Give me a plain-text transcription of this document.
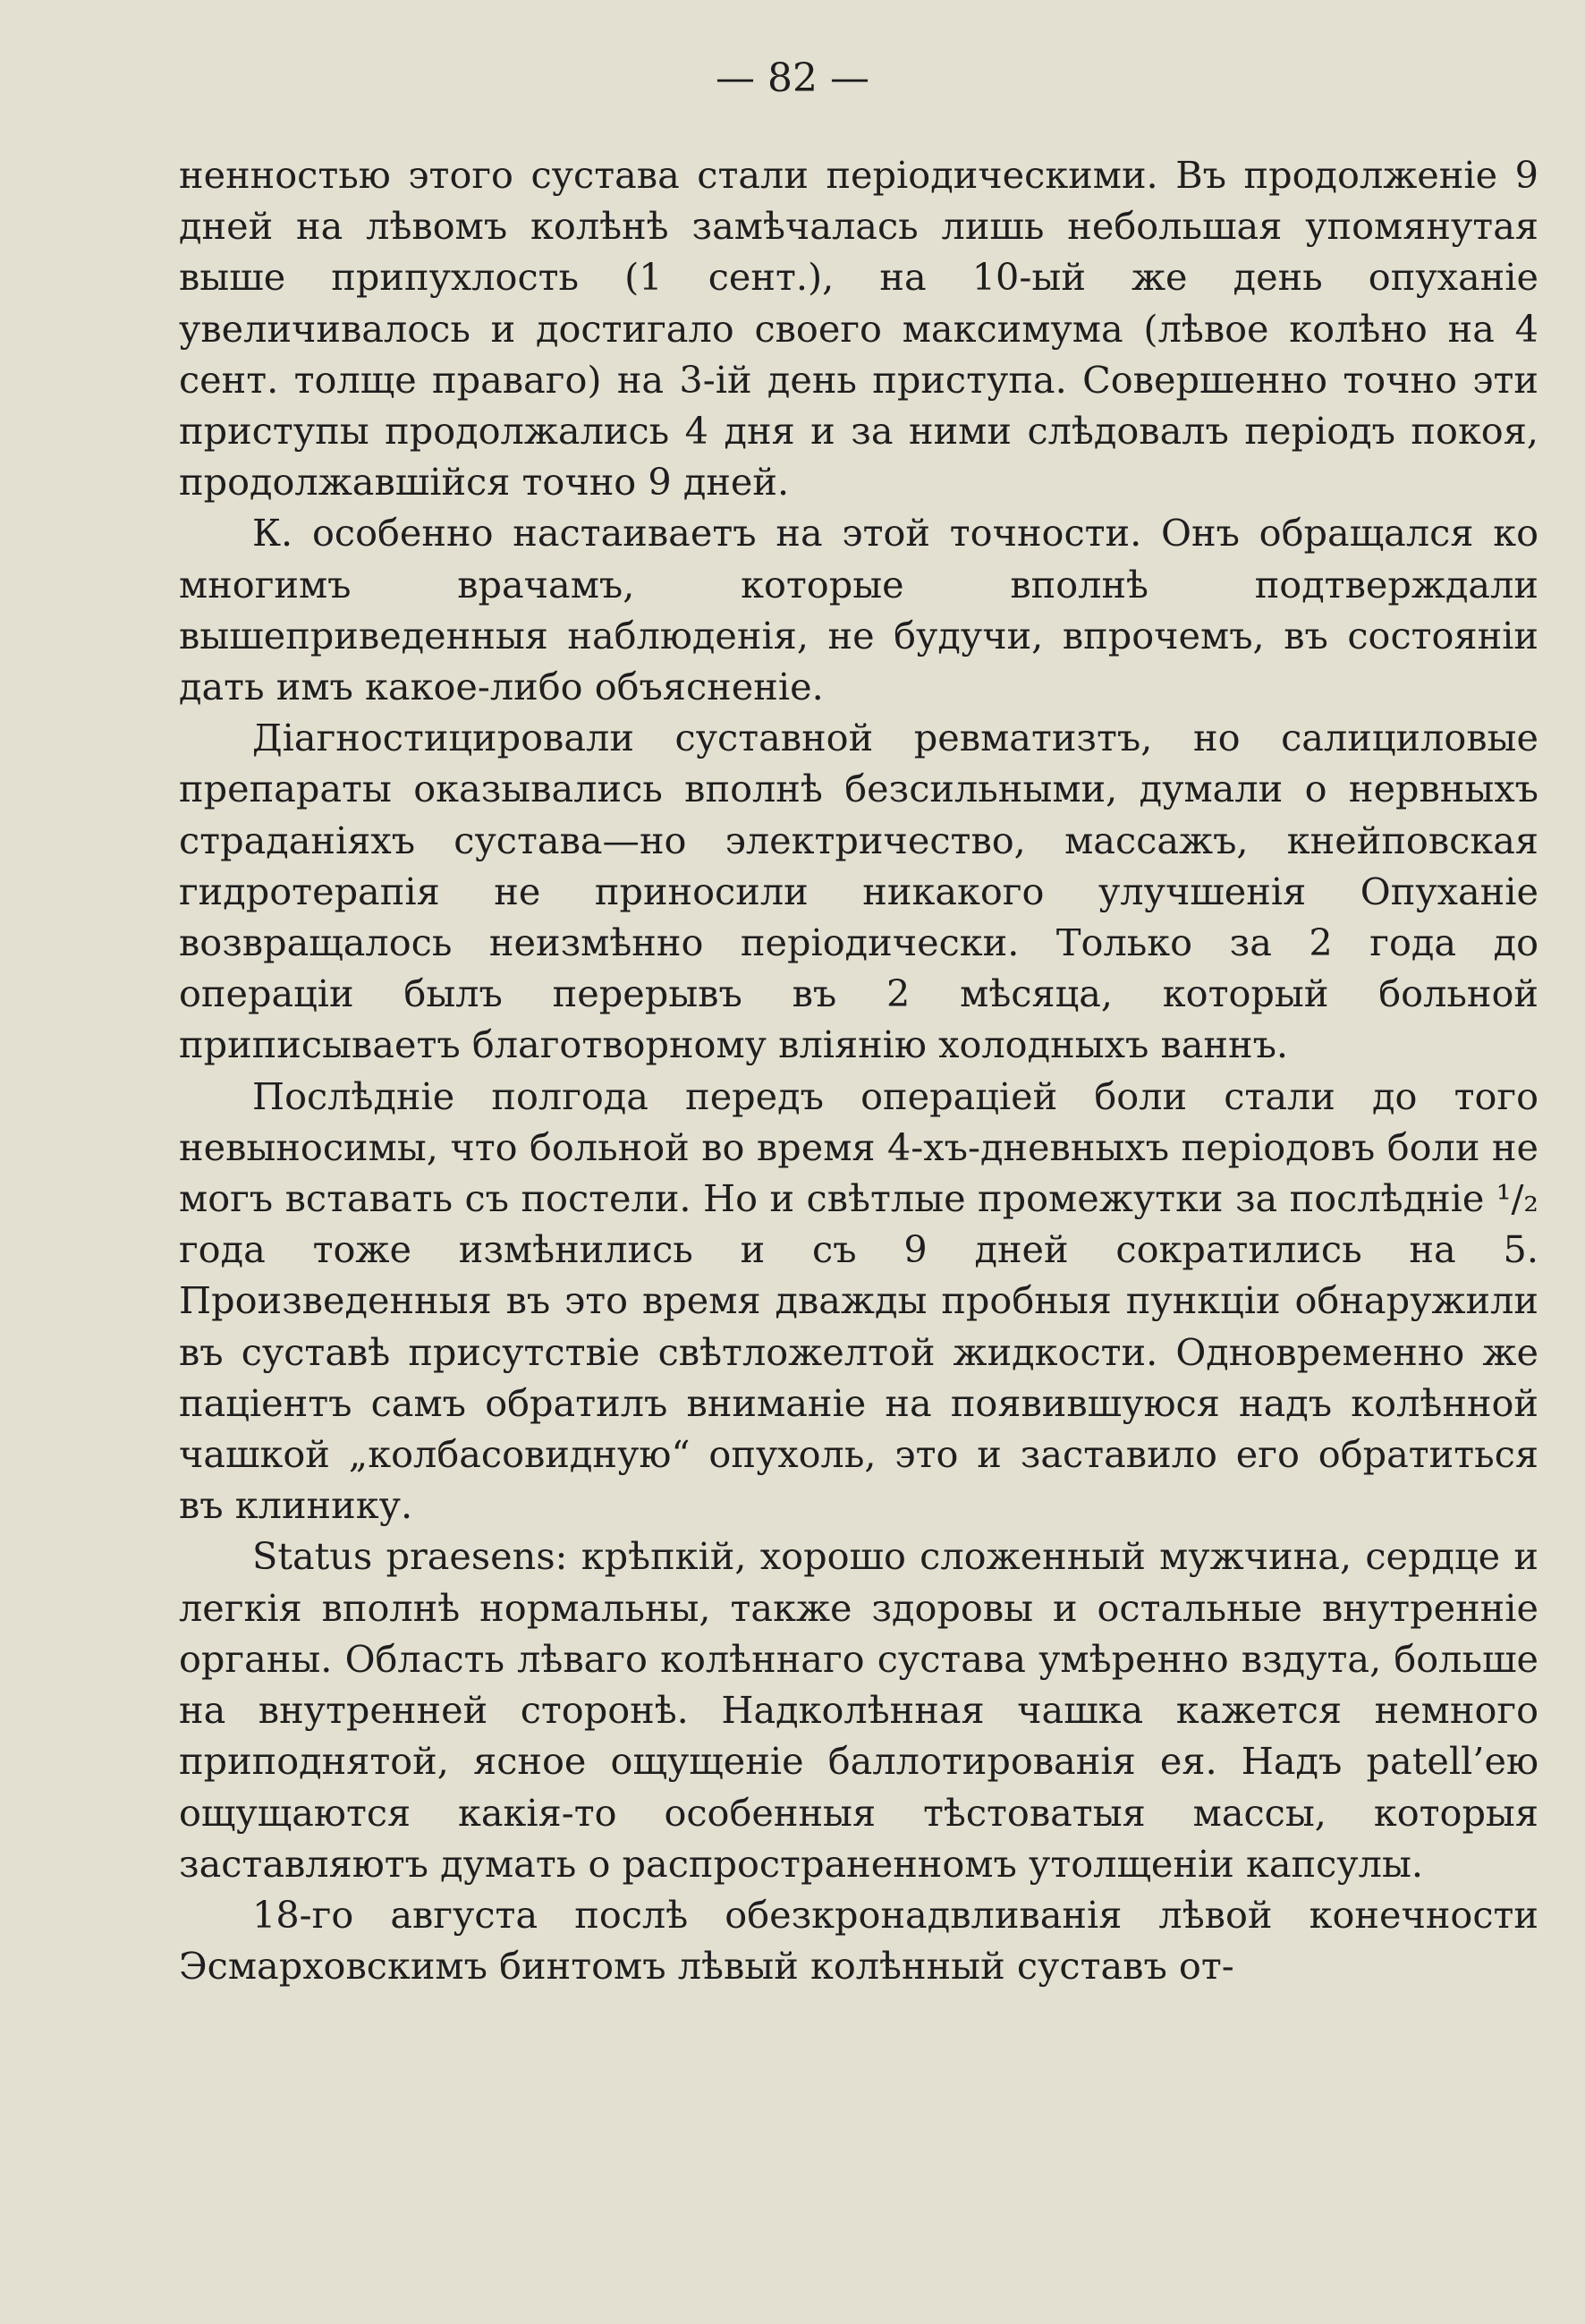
— 82 —

ненностью этого сустава стали періодическими. Въ продолженіе 9 дней на лѣвомъ колѣнѣ замѣчалась лишь небольшая упомянутая выше припухлость (1 сент.), на 10-ый же день опуханіе увеличивалось и достигало своего максимума (лѣвое колѣно на 4 сент. толще праваго) на 3-ій день приступа. Совершенно точно эти приступы продолжались 4 дня и за ними слѣдовалъ періодъ покоя, продолжавшійся точно 9 дней.

К. особенно настаиваетъ на этой точности. Онъ обращался ко многимъ врачамъ, которые вполнѣ подтверждали вышеприведенныя наблюденія, не будучи, впрочемъ, въ состояніи дать имъ какое-либо объясненіе.

Діагностицировали суставной ревматизтъ, но салициловые препараты оказывались вполнѣ безсильными, думали о нервныхъ страданіяхъ сустава—но электричество, массажъ, кнейповская гидротерапія не приносили никакого улучшенія Опуханіе возвращалось неизмѣнно періодически. Только за 2 года до операціи былъ перерывъ въ 2 мѣсяца, который больной приписываетъ благотворному вліянію холодныхъ ваннъ.

Послѣдніе полгода передъ операціей боли стали до того невыносимы, что больной во время 4-хъ-дневныхъ періодовъ боли не могъ вставать съ постели. Но и свѣтлые промежутки за послѣдніе ¹/₂ года тоже измѣнились и съ 9 дней сократились на 5. Произведенныя въ это время дважды пробныя пункціи обнаружили въ суставѣ присутствіе свѣтложелтой жидкости. Одновременно же паціентъ самъ обратилъ вниманіе на появившуюся надъ колѣнной чашкой „колбасовидную“ опухоль, это и заставило его обратиться въ клинику.

Status praesens: крѣпкій, хорошо сложенный мужчина, сердце и легкія вполнѣ нормальны, также здоровы и остальные внутренніе органы. Область лѣваго колѣннаго сустава умѣренно вздута, больше на внутренней сторонѣ. Надколѣнная чашка кажется немного приподнятой, ясное ощущеніе баллотированія ея. Надъ patell’ею ощущаются какія-то особенныя тѣстоватыя массы, которыя заставляютъ думать о распространенномъ утолщеніи капсулы.

18-го августа послѣ обезкронадвливанія лѣвой конечности Эсмарховскимъ бинтомъ лѣвый колѣнный суставъ от-
